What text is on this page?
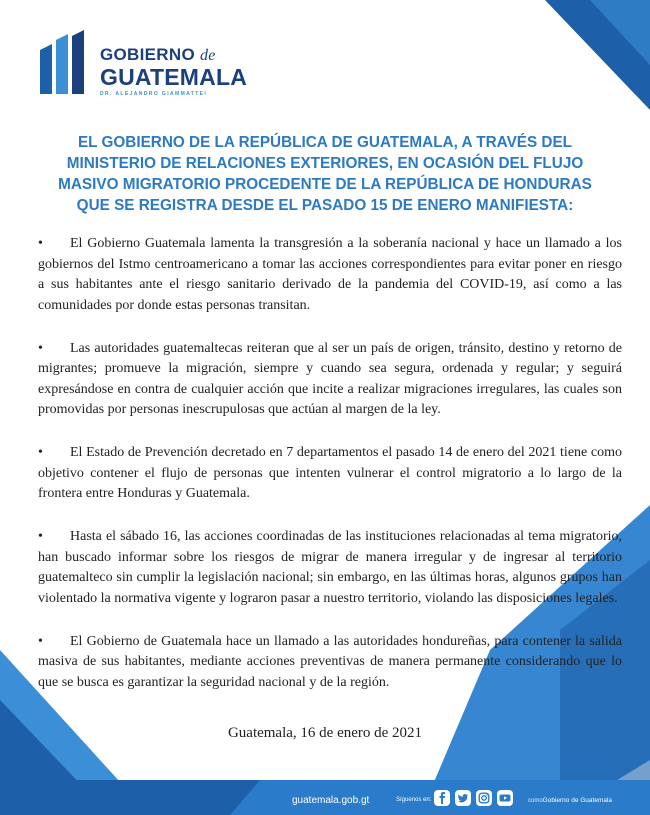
GOBIERNO de
GUATEMALA
DR. ALEJANDRO GIAMMATTEI
EL GOBIERNO DE LA REPÚBLICA DE GUATEMALA, A TRAVÉS DEL MINISTERIO DE RELACIONES EXTERIORES, EN OCASIÓN DEL FLUJO MASIVO MIGRATORIO PROCEDENTE DE LA REPÚBLICA DE HONDURAS QUE SE REGISTRA DESDE EL PASADO 15 DE ENERO MANIFIESTA:
•	El Gobierno Guatemala lamenta la transgresión a la soberanía nacional y hace un llamado a los gobiernos del Istmo centroamericano a tomar las acciones correspondientes para evitar poner en riesgo a sus habitantes ante el riesgo sanitario derivado de la pandemia del COVID-19, así como a las comunidades por donde estas personas transitan.
•	Las autoridades guatemaltecas reiteran que al ser un país de origen, tránsito, destino y retorno de migrantes; promueve la migración, siempre y cuando sea segura, ordenada y regular; y seguirá expresándose en contra de cualquier acción que incite a realizar migraciones irregulares, las cuales son promovidas por personas inescrupulosas que actúan al margen de la ley.
•	El Estado de Prevención decretado en 7 departamentos el pasado 14 de enero del 2021 tiene como objetivo contener el flujo de personas que intenten vulnerar el control migratorio a lo largo de la frontera entre Honduras y Guatemala.
•	Hasta el sábado 16, las acciones coordinadas de las instituciones relacionadas al tema migratorio, han buscado informar sobre los riesgos de migrar de manera irregular y de ingresar al territorio guatemalteco sin cumplir la legislación nacional; sin embargo, en las últimas horas, algunos grupos han violentado la normativa vigente y lograron pasar a nuestro territorio, violando las disposiciones legales.
•	El Gobierno de Guatemala hace un llamado a las autoridades hondureñas, para contener la salida masiva de sus habitantes, mediante acciones preventivas de manera permanente considerando que lo que se busca es garantizar la seguridad nacional y de la región.
Guatemala, 16 de enero de 2021
guatemala.gob.gt	Síguenos en:	comoGobierno de Guatemala
